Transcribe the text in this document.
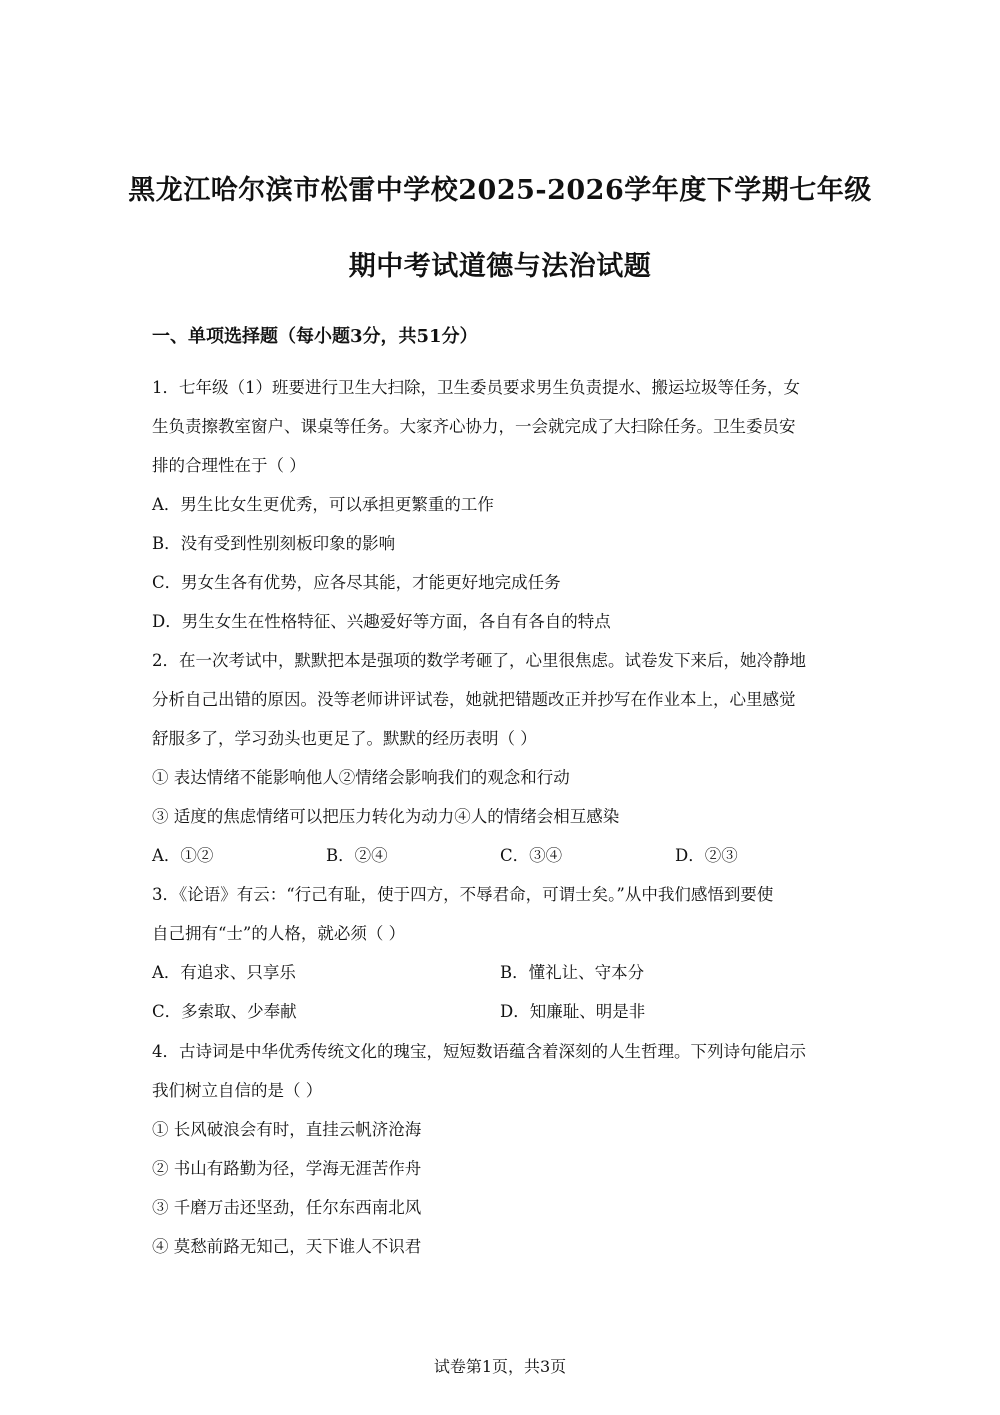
黑龙江哈尔滨市松雷中学校2025-2026学年度下学期七年级
期中考试道德与法治试题
一、单项选择题（每小题3分，共51分）
1．七年级（1）班要进行卫生大扫除，卫生委员要求男生负责提水、搬运垃圾等任务，女
生负责擦教室窗户、课桌等任务。大家齐心协力，一会就完成了大扫除任务。卫生委员安
排的合理性在于（ ）
A．男生比女生更优秀，可以承担更繁重的工作
B．没有受到性别刻板印象的影响
C．男女生各有优势，应各尽其能，才能更好地完成任务
D．男生女生在性格特征、兴趣爱好等方面，各自有各自的特点
2．在一次考试中，默默把本是强项的数学考砸了，心里很焦虑。试卷发下来后，她冷静地
分析自己出错的原因。没等老师讲评试卷，她就把错题改正并抄写在作业本上，心里感觉
舒服多了，学习劲头也更足了。默默的经历表明（ ）
① 表达情绪不能影响他人②情绪会影响我们的观念和行动
③ 适度的焦虑情绪可以把压力转化为动力④人的情绪会相互感染
A．①②	B．②④	C．③④	D．②③
3．《论语》有云：“行己有耻，使于四方，不辱君命，可谓士矣。”从中我们感悟到要使
自己拥有“士”的人格，就必须（ ）
A．有追求、只享乐	B．懂礼让、守本分
C．多索取、少奉献	D．知廉耻、明是非
4．古诗词是中华优秀传统文化的瑰宝，短短数语蕴含着深刻的人生哲理。下列诗句能启示
我们树立自信的是（ ）
① 长风破浪会有时，直挂云帆济沧海
② 书山有路勤为径，学海无涯苦作舟
③ 千磨万击还坚劲，任尔东西南北风
④ 莫愁前路无知己，天下谁人不识君
试卷第1页，共3页
